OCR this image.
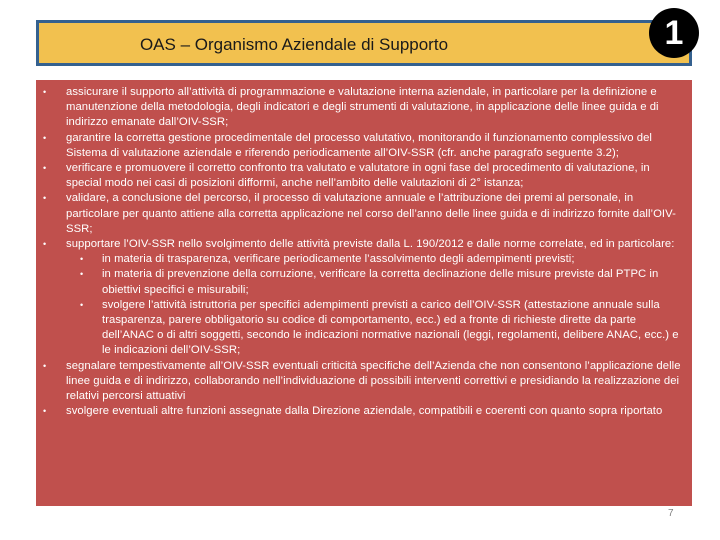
OAS – Organismo Aziendale di Supporto	1
• assicurare il supporto all’attività di programmazione e valutazione interna aziendale, in particolare per la definizione e manutenzione della metodologia, degli indicatori e degli strumenti di valutazione, in applicazione delle linee guida e di indirizzo emanate dall’OIV-SSR;
• garantire la corretta gestione procedimentale del processo valutativo, monitorando il funzionamento complessivo del Sistema di valutazione aziendale e riferendo periodicamente all’OIV-SSR (cfr. anche paragrafo seguente 3.2);
• verificare e promuovere il corretto confronto tra valutato e valutatore in ogni fase del procedimento di valutazione, in special modo nei casi di posizioni difformi, anche nell’ambito delle valutazioni di 2° istanza;
• validare, a conclusione del percorso, il processo di valutazione annuale e l’attribuzione dei premi al personale, in particolare per quanto attiene alla corretta applicazione nel corso dell’anno delle linee guida e di indirizzo fornite dall’OIV-SSR;
• supportare l’OIV-SSR nello svolgimento delle attività previste dalla L. 190/2012 e dalle norme correlate, ed in particolare:
• in materia di trasparenza, verificare periodicamente l’assolvimento degli adempimenti previsti;
• in materia di prevenzione della corruzione, verificare la corretta declinazione delle misure previste dal PTPC in obiettivi specifici e misurabili;
• svolgere l’attività istruttoria per specifici adempimenti previsti a carico dell’OIV-SSR (attestazione annuale sulla trasparenza, parere obbligatorio su codice di comportamento, ecc.) ed a fronte di richieste dirette da parte dell’ANAC o di altri soggetti, secondo le indicazioni normative nazionali (leggi, regolamenti, delibere ANAC, ecc.) e le indicazioni dell’OIV-SSR;
• segnalare tempestivamente all’OIV-SSR eventuali criticità specifiche dell’Azienda che non consentono l’applicazione delle linee guida e di indirizzo, collaborando nell’individuazione di possibili interventi correttivi e presidiando la realizzazione dei relativi percorsi attuativi
• svolgere eventuali altre funzioni assegnate dalla Direzione aziendale, compatibili e coerenti con quanto sopra riportato
7
